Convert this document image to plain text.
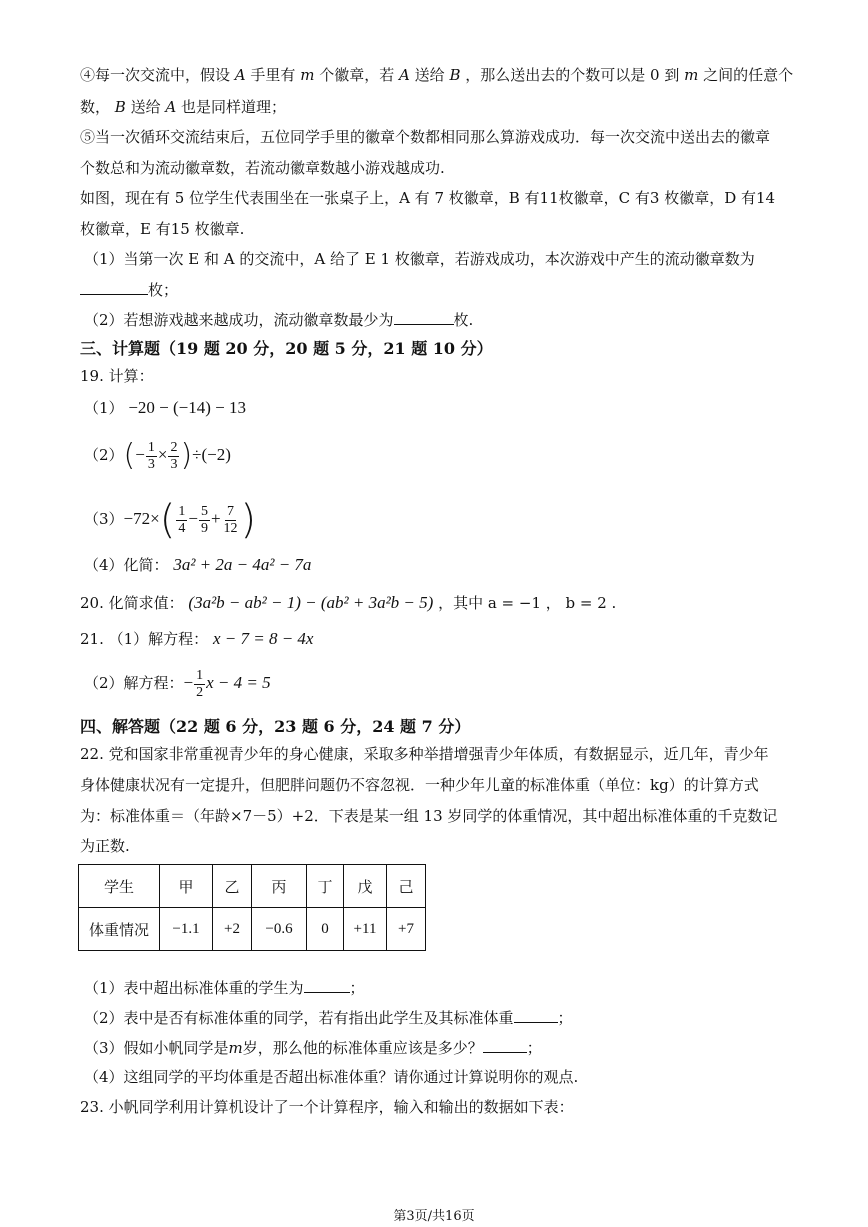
④每一次交流中，假设 A 手里有 m 个徽章，若 A 送给 B ，那么送出去的个数可以是 0 到 m 之间的任意个
数， B 送给 A 也是同样道理；
⑤当一次循环交流结束后，五位同学手里的徽章个数都相同那么算游戏成功．每一次交流中送出去的徽章
个数总和为流动徽章数，若流动徽章数越小游戏越成功.
如图，现在有 5 位学生代表围坐在一张桌子上，A 有 7 枚徽章，B 有11枚徽章，C 有3 枚徽章，D 有14
枚徽章，E 有15 枚徽章.
（1）当第一次 E 和 A 的交流中，A 给了 E 1 枚徽章，若游戏成功，本次游戏中产生的流动徽章数为
枚；
（2）若想游戏越来越成功，流动徽章数最少为	枚.
三、计算题（19 题 20 分，20 题 5 分，21 题 10 分）
19. 计算：
（1） −20 − (−14) − 13
$(2)(- \frac{1}{3} \times \frac{2}{3} )\div(-2)$
$(3)-72\times( \frac{1}{4} - \frac{5}{9} + \frac{7}{12}$ )
（4）化简： 3a² + 2a − 4a² − 7a
20. 化简求值： (3a²b − ab² − 1) − (ab² + 3a²b − 5) ，其中 a = −1 ， b = 2 .
21. （1）解方程： x − 7 = 8 − 4x
（2）解方程：− $\frac{1}{2}$ x − 4 = 5
四、解答题（22 题 6 分，23 题 6 分，24 题 7 分）
22. 党和国家非常重视青少年的身心健康，采取多种举措增强青少年体质，有数据显示，近几年，青少年
身体健康状况有一定提升，但肥胖问题仍不容忽视．一种少年儿童的标准体重（单位：kg）的计算方式
为：标准体重＝（年龄×7－5）+2．下表是某一组 13 岁同学的体重情况，其中超出标准体重的千克数记
为正数.
学生	甲	乙	丙	丁	戊	己
体重情况	−1.1	+2	−0.6	0	+11	+7
（1）表中超出标准体重的学生为	；
（2）表中是否有标准体重的同学，若有指出此学生及其标准体重	；
（3）假如小帆同学是m岁，那么他的标准体重应该是多少？	；
（4）这组同学的平均体重是否超出标准体重？请你通过计算说明你的观点.
23. 小帆同学利用计算机设计了一个计算程序，输入和输出的数据如下表：
第3页/共16页
